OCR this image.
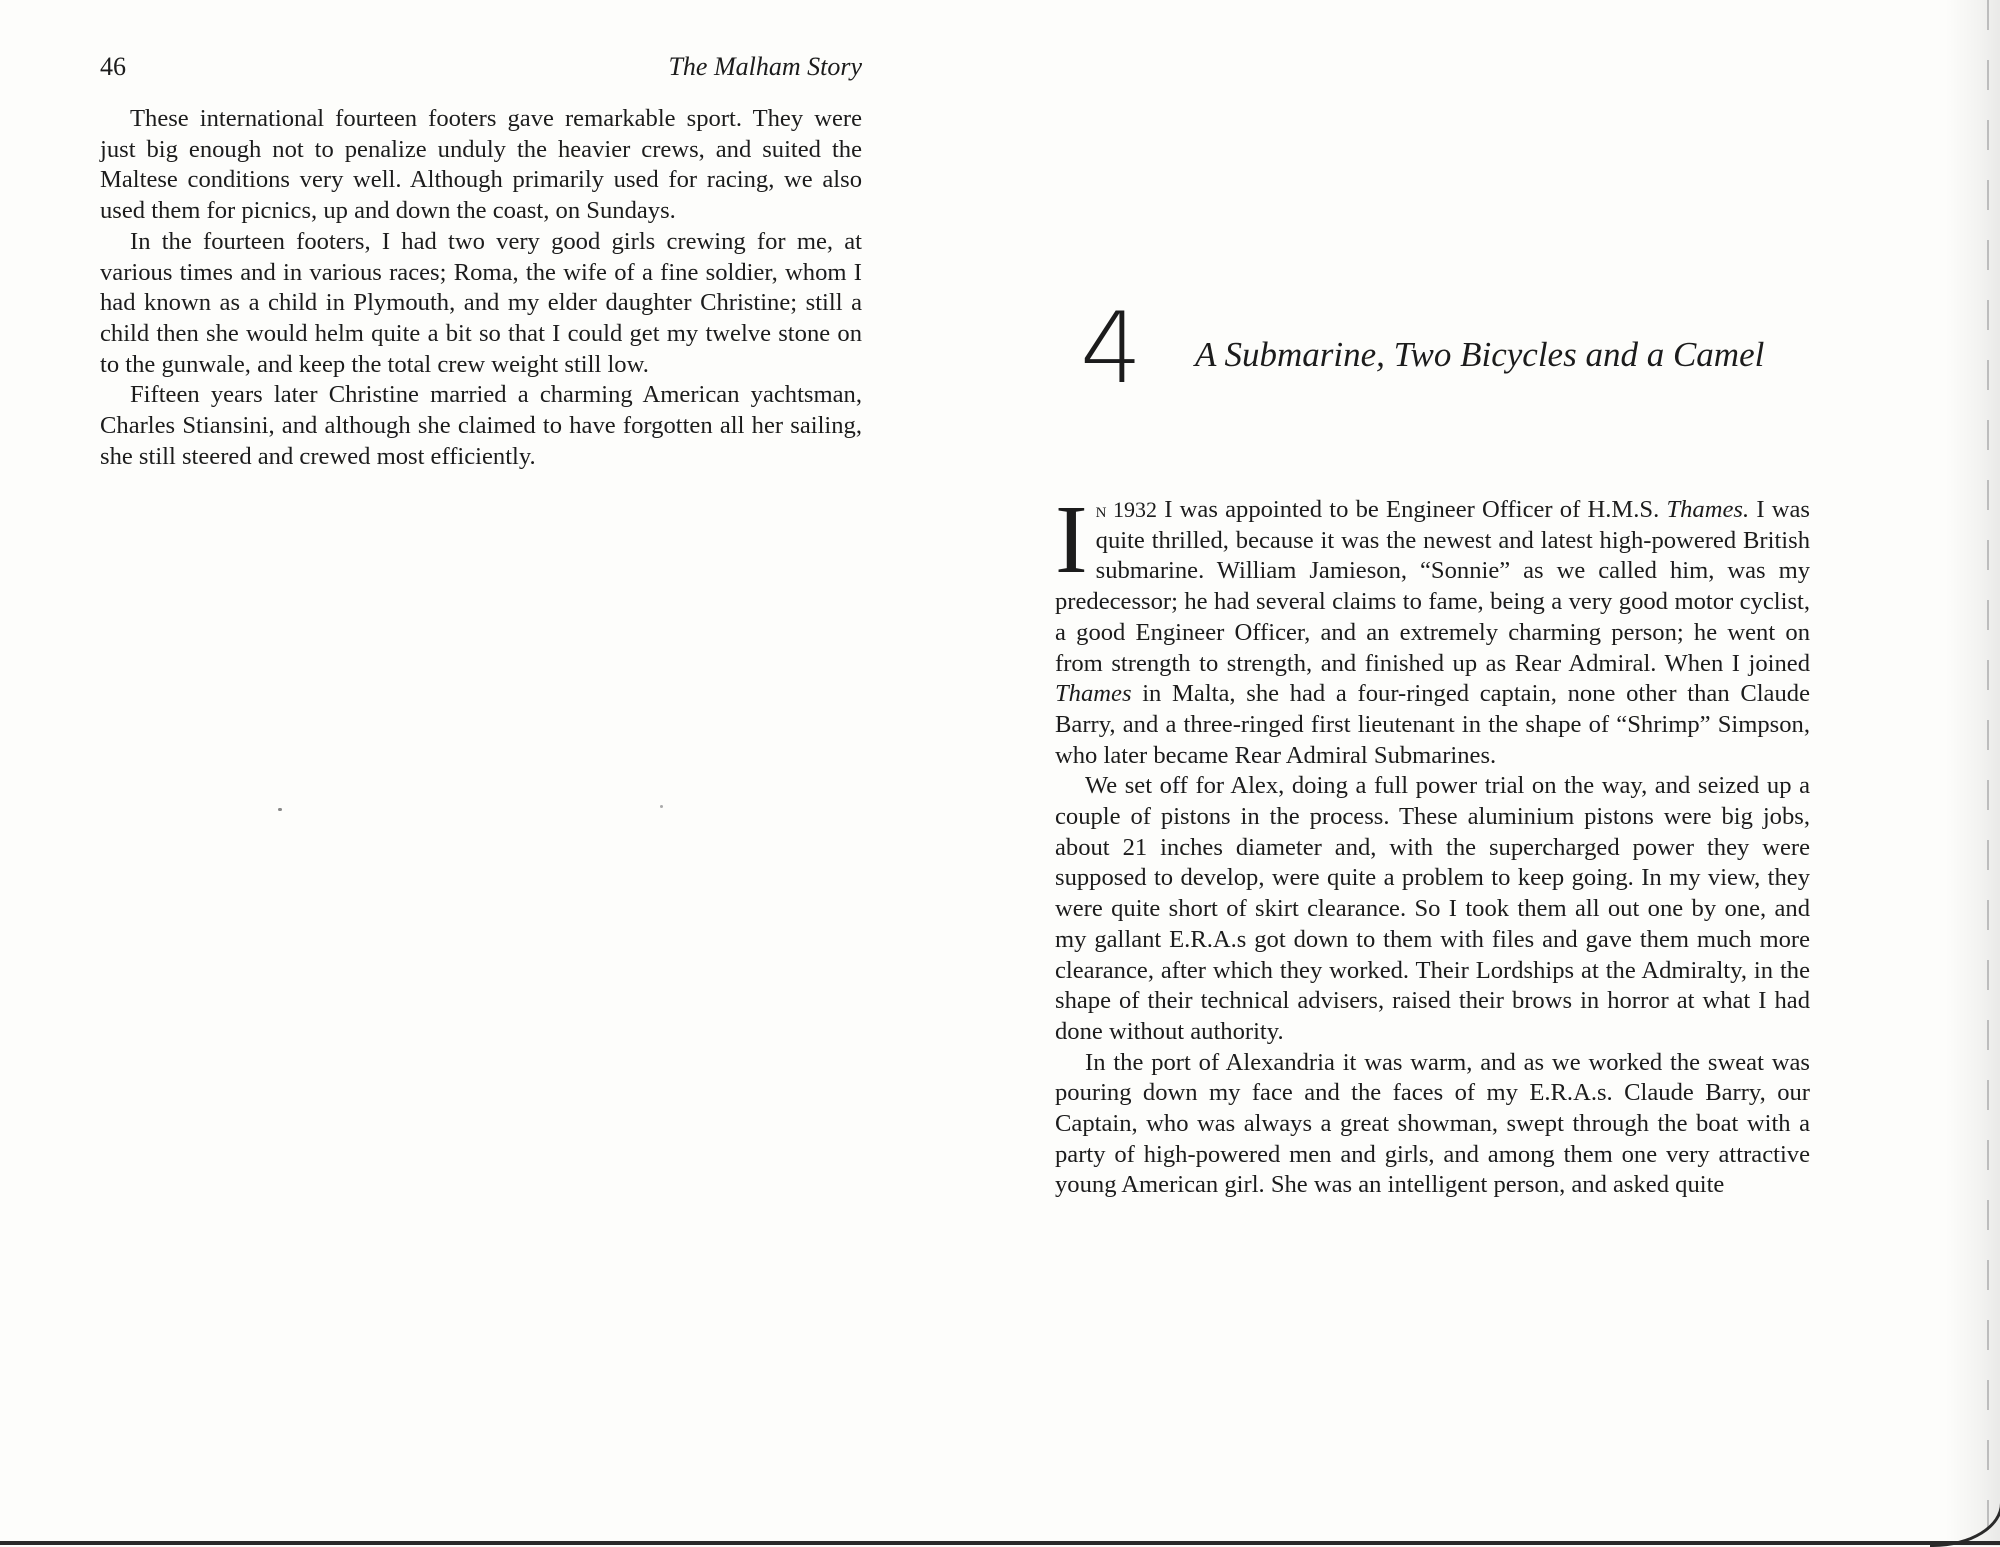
46	The Malham Story

These international fourteen footers gave remarkable sport. They were just big enough not to penalize unduly the heavier crews, and suited the Maltese conditions very well. Although primarily used for racing, we also used them for picnics, up and down the coast, on Sundays.

In the fourteen footers, I had two very good girls crewing for me, at various times and in various races; Roma, the wife of a fine soldier, whom I had known as a child in Plymouth, and my elder daughter Christine; still a child then she would helm quite a bit so that I could get my twelve stone on to the gunwale, and keep the total crew weight still low.

Fifteen years later Christine married a charming American yachtsman, Charles Stiansini, and although she claimed to have forgotten all her sailing, she still steered and crewed most efficiently.

4 A Submarine, Two Bicycles and a Camel

In 1932 I was appointed to be Engineer Officer of H.M.S. Thames. I was quite thrilled, because it was the newest and latest high-powered British submarine. William Jamieson, “Sonnie” as we called him, was my predecessor; he had several claims to fame, being a very good motor cyclist, a good Engineer Officer, and an extremely charming person; he went on from strength to strength, and finished up as Rear Admiral. When I joined Thames in Malta, she had a four-ringed captain, none other than Claude Barry, and a three-ringed first lieutenant in the shape of “Shrimp” Simpson, who later became Rear Admiral Submarines.

We set off for Alex, doing a full power trial on the way, and seized up a couple of pistons in the process. These aluminium pistons were big jobs, about 21 inches diameter and, with the supercharged power they were supposed to develop, were quite a problem to keep going. In my view, they were quite short of skirt clearance. So I took them all out one by one, and my gallant E.R.A.s got down to them with files and gave them much more clearance, after which they worked. Their Lordships at the Admiralty, in the shape of their technical advisers, raised their brows in horror at what I had done without authority.

In the port of Alexandria it was warm, and as we worked the sweat was pouring down my face and the faces of my E.R.A.s. Claude Barry, our Captain, who was always a great showman, swept through the boat with a party of high-powered men and girls, and among them one very attractive young American girl. She was an intelligent person, and asked quite
